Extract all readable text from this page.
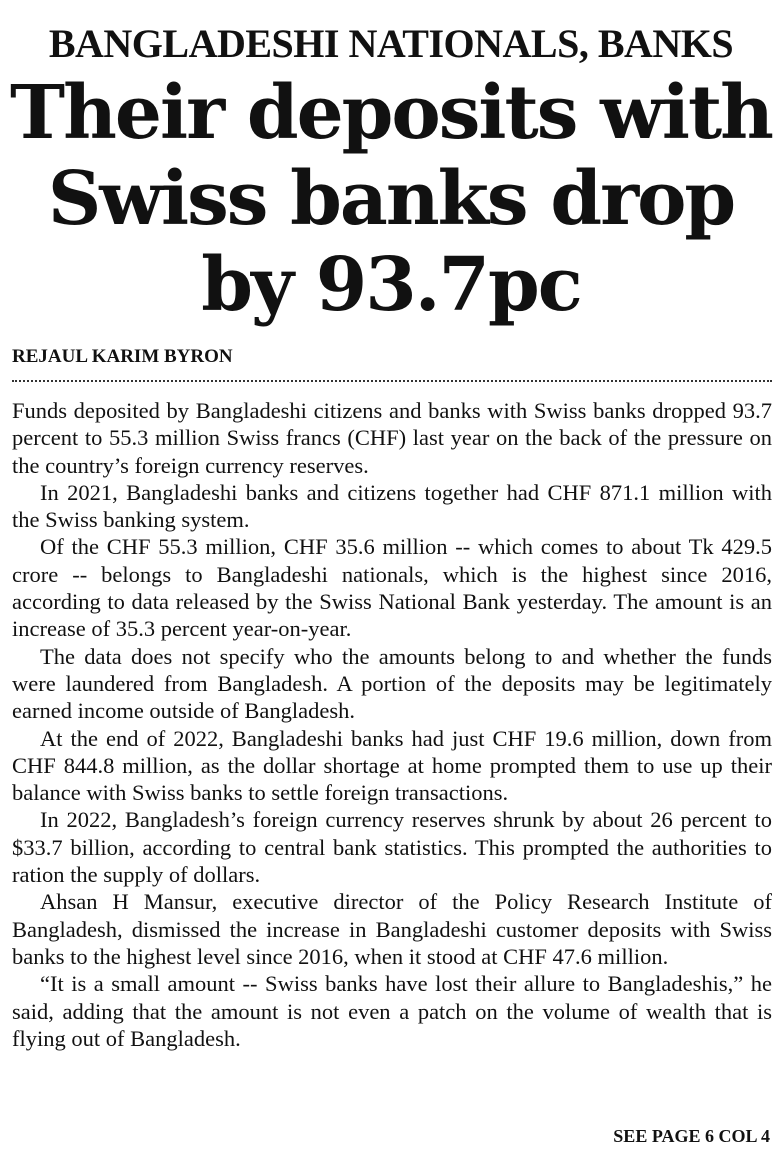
BANGLADESHI NATIONALS, BANKS
Their deposits with Swiss banks drop by 93.7pc
REJAUL KARIM BYRON

Funds deposited by Bangladeshi citizens and banks with Swiss banks dropped 93.7 percent to 55.3 million Swiss francs (CHF) last year on the back of the pressure on the country’s foreign currency reserves.

In 2021, Bangladeshi banks and citizens together had CHF 871.1 million with the Swiss banking system.

Of the CHF 55.3 million, CHF 35.6 million -- which comes to about Tk 429.5 crore -- belongs to Bangladeshi nationals, which is the highest since 2016, according to data released by the Swiss National Bank yesterday. The amount is an increase of 35.3 percent year-on-year.

The data does not specify who the amounts belong to and whether the funds were laundered from Bangladesh. A portion of the deposits may be legitimately earned income outside of Bangladesh.

At the end of 2022, Bangladeshi banks had just CHF 19.6 million, down from CHF 844.8 million, as the dollar shortage at home prompted them to use up their balance with Swiss banks to settle foreign transactions.

In 2022, Bangladesh’s foreign currency reserves shrunk by about 26 percent to $33.7 billion, according to central bank statistics. This prompted the authorities to ration the supply of dollars.

Ahsan H Mansur, executive director of the Policy Research Institute of Bangladesh, dismissed the increase in Bangladeshi customer deposits with Swiss banks to the highest level since 2016, when it stood at CHF 47.6 million.

“It is a small amount -- Swiss banks have lost their allure to Bangladeshis,” he said, adding that the amount is not even a patch on the volume of wealth that is flying out of Bangladesh.

SEE PAGE 6 COL 4
